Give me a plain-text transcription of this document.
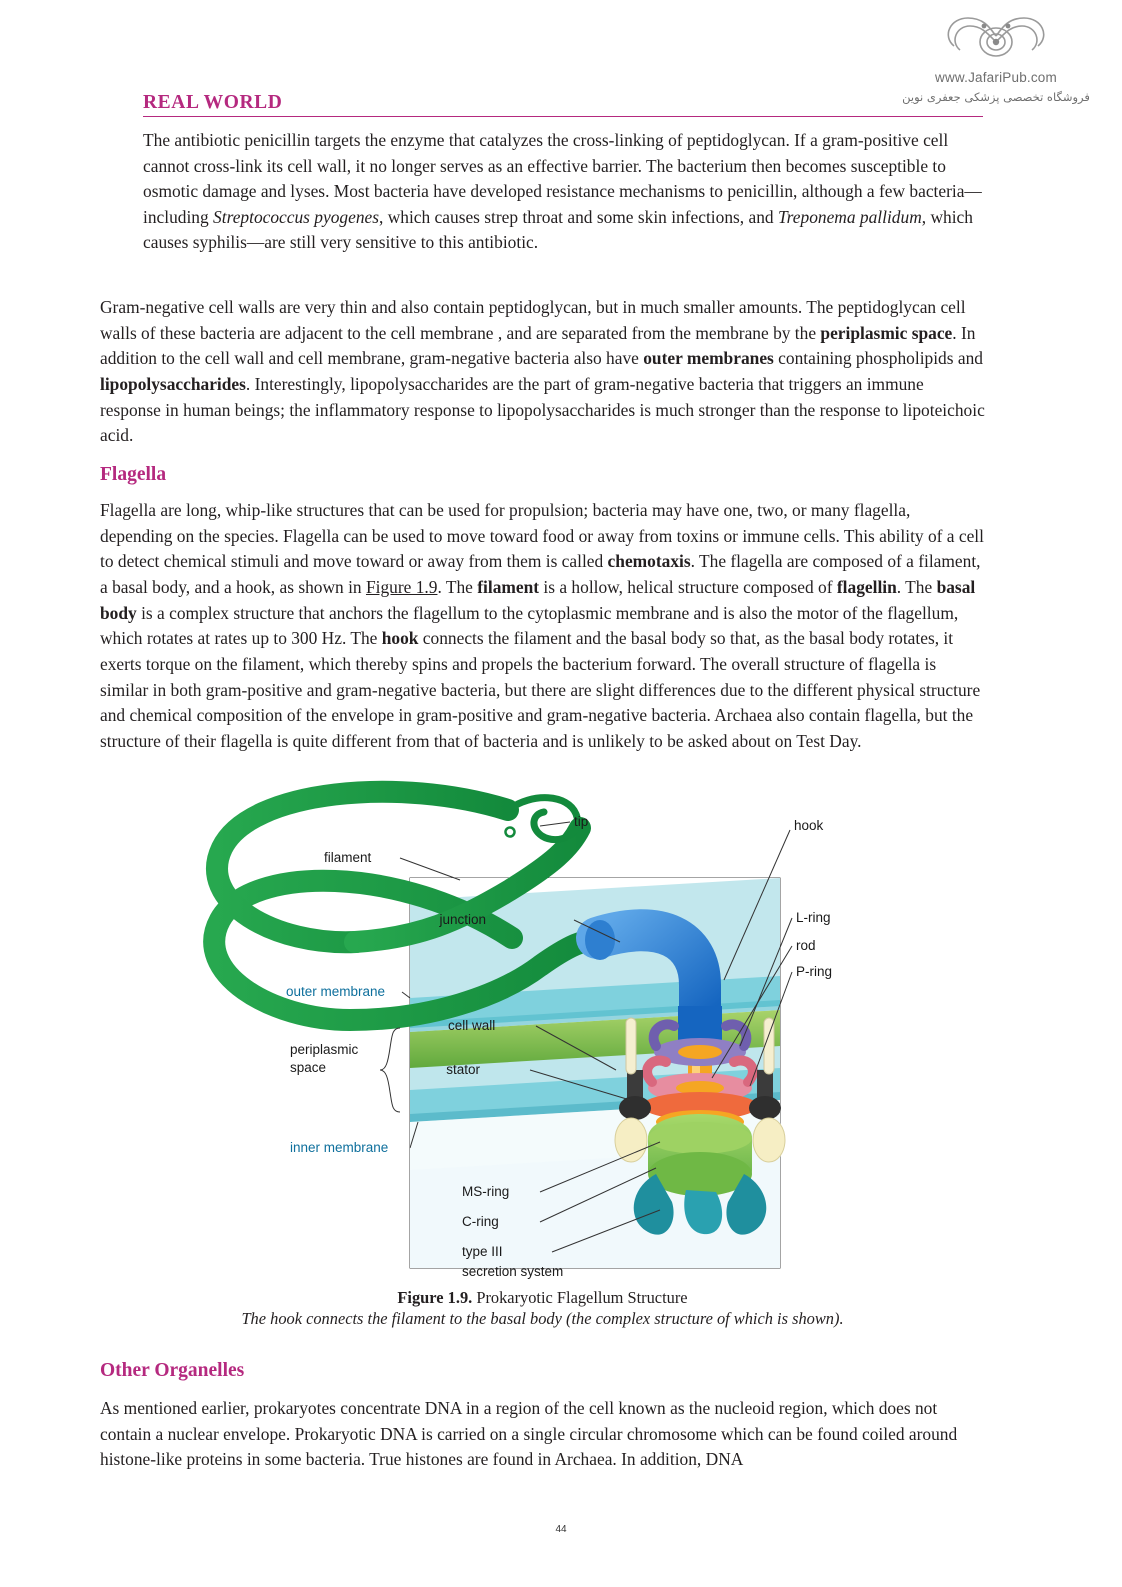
www.JafariPub.com
فروشگاه تخصصی پزشکی جعفری نوین
REAL WORLD
The antibiotic penicillin targets the enzyme that catalyzes the cross-linking of peptidoglycan. If a gram-positive cell cannot cross-link its cell wall, it no longer serves as an effective barrier. The bacterium then becomes susceptible to osmotic damage and lyses. Most bacteria have developed resistance mechanisms to penicillin, although a few bacteria—including Streptococcus pyogenes, which causes strep throat and some skin infections, and Treponema pallidum, which causes syphilis—are still very sensitive to this antibiotic.
Gram-negative cell walls are very thin and also contain peptidoglycan, but in much smaller amounts. The peptidoglycan cell walls of these bacteria are adjacent to the cell membrane , and are separated from the membrane by the periplasmic space. In addition to the cell wall and cell membrane, gram-negative bacteria also have outer membranes containing phospholipids and lipopolysaccharides. Interestingly, lipopolysaccharides are the part of gram-negative bacteria that triggers an immune response in human beings; the inflammatory response to lipopolysaccharides is much stronger than the response to lipoteichoic acid.
Flagella
Flagella are long, whip-like structures that can be used for propulsion; bacteria may have one, two, or many flagella, depending on the species. Flagella can be used to move toward food or away from toxins or immune cells. This ability of a cell to detect chemical stimuli and move toward or away from them is called chemotaxis. The flagella are composed of a filament, a basal body, and a hook, as shown in Figure 1.9. The filament is a hollow, helical structure composed of flagellin. The basal body is a complex structure that anchors the flagellum to the cytoplasmic membrane and is also the motor of the flagellum, which rotates at rates up to 300 Hz. The hook connects the filament and the basal body so that, as the basal body rotates, it exerts torque on the filament, which thereby spins and propels the bacterium forward. The overall structure of flagella is similar in both gram-positive and gram-negative bacteria, but there are slight differences due to the different physical structure and chemical composition of the envelope in gram-positive and gram-negative bacteria. Archaea also contain flagella, but the structure of their flagella is quite different from that of bacteria and is unlikely to be asked about on Test Day.
tip
filament
junction
hook
L-ring
rod
P-ring
outer membrane
periplasmic
space
cell wall
stator
inner membrane
MS-ring
C-ring
type III
secretion system
Figure 1.9. Prokaryotic Flagellum Structure
The hook connects the filament to the basal body (the complex structure of which is shown).
Other Organelles
As mentioned earlier, prokaryotes concentrate DNA in a region of the cell known as the nucleoid region, which does not contain a nuclear envelope. Prokaryotic DNA is carried on a single circular chromosome which can be found coiled around histone-like proteins in some bacteria. True histones are found in Archaea. In addition, DNA
44
